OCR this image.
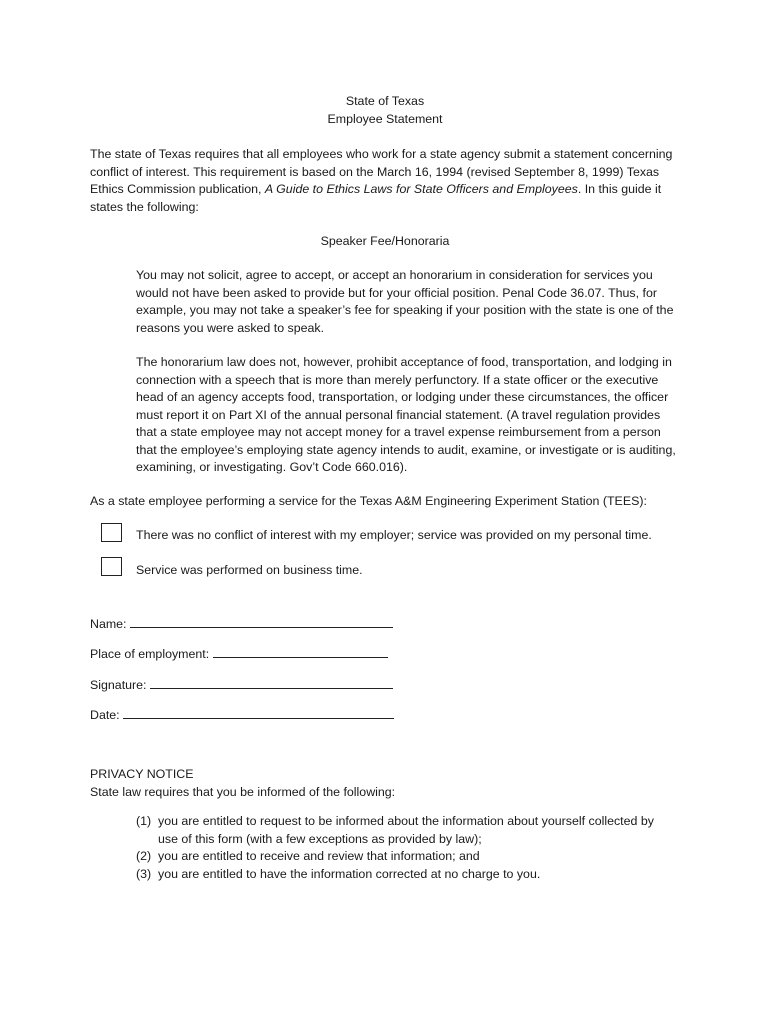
State of Texas
Employee Statement
The state of Texas requires that all employees who work for a state agency submit a statement concerning conflict of interest. This requirement is based on the March 16, 1994 (revised September 8, 1999) Texas Ethics Commission publication, A Guide to Ethics Laws for State Officers and Employees. In this guide it states the following:
Speaker Fee/Honoraria
You may not solicit, agree to accept, or accept an honorarium in consideration for services you would not have been asked to provide but for your official position. Penal Code 36.07. Thus, for example, you may not take a speaker’s fee for speaking if your position with the state is one of the reasons you were asked to speak.
The honorarium law does not, however, prohibit acceptance of food, transportation, and lodging in connection with a speech that is more than merely perfunctory. If a state officer or the executive head of an agency accepts food, transportation, or lodging under these circumstances, the officer must report it on Part XI of the annual personal financial statement. (A travel regulation provides that a state employee may not accept money for a travel expense reimbursement from a person that the employee’s employing state agency intends to audit, examine, or investigate or is auditing, examining, or investigating. Gov’t Code 660.016).
As a state employee performing a service for the Texas A&M Engineering Experiment Station (TEES):
There was no conflict of interest with my employer; service was provided on my personal time.
Service was performed on business time.
Name:
Place of employment:
Signature:
Date:
PRIVACY NOTICE
State law requires that you be informed of the following:
(1) you are entitled to request to be informed about the information about yourself collected by use of this form (with a few exceptions as provided by law);
(2) you are entitled to receive and review that information; and
(3) you are entitled to have the information corrected at no charge to you.
